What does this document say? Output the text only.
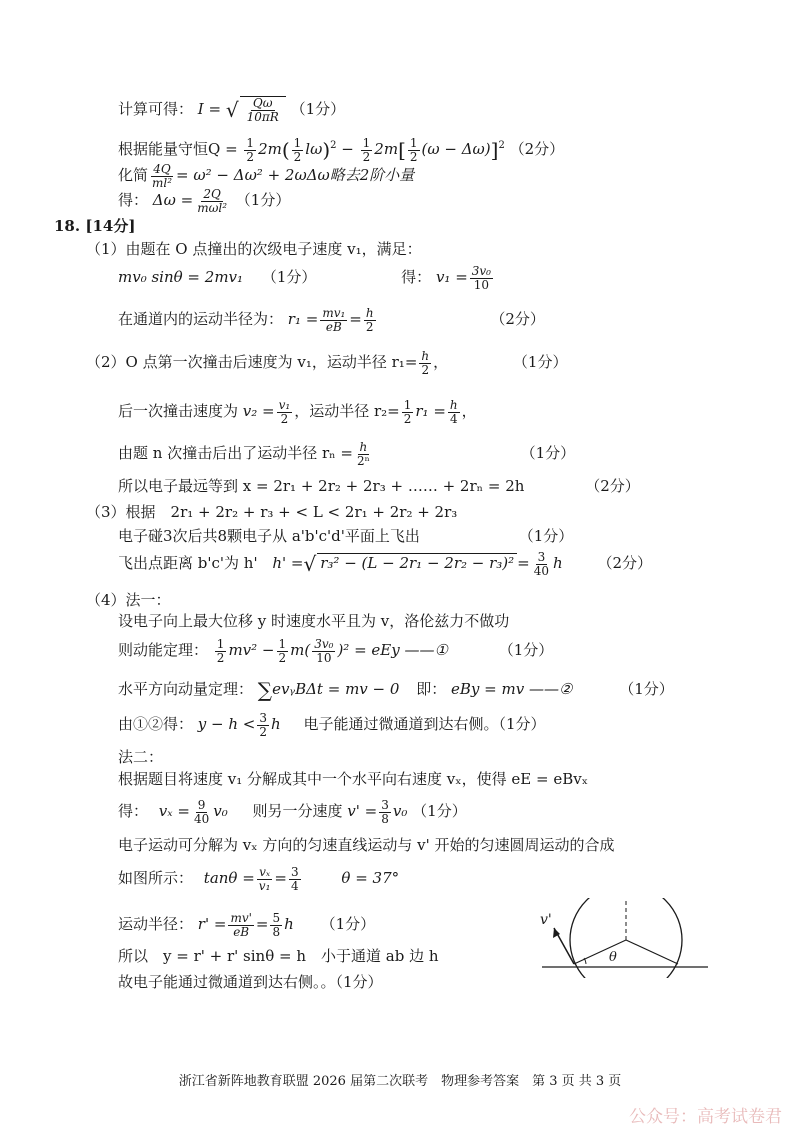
计算可得： I = √ $\frac{Q\omega}{10\pi R} (1$分）
根据能量守恒$Q = \frac{1}{2} 2m( \frac{1}{2} l\omega)^2 - \frac{1}{2} 2m[ \frac{1}{2} (\omega - \Delta\omega)]^2$ （2分）
化简 $\frac{4Q}{\text{ml²}} = \omega^2 - \Delta\omega^2 + 2\omega\Delta\omega$略去2阶小量
得： $\Delta\omega = \frac{2Q}{\text{mωl²}} (1$分）
18. [14分]
（1）由题在 O 点撞出的次级电子速度 v₁，满足：
mv₀ sinθ = 2mv₁ （1分）	得： $v_1 = \frac{\text{3v₀}}{10}$
在通道内的运动半径为： $r_1 = \frac{\text{mv₁}}{eB} = \frac{h}{2}$	（2分）
（2）O 点第一次撞击后速度为 v₁，运动半径 $r_1= \frac{h}{2}$ ，	（1分）
后一次撞击速度为 $v_2 = \frac{\text{v₁}}{2}$ ，运动半径 $r_2= \frac{1}{2} r_1 = \frac{h}{4}$ ，
由题 n 次撞击后出了运动半径 $r_n = \frac{h}{\text{2ⁿ}}$	（1分）
所以电子最远等到 x = 2r₁ + 2r₂ + 2r₃ + …… + 2rₙ = 2h	（2分）
（3）根据　2r₁ + 2r₂ + r₃ + < L < 2r₁ + 2r₂ + 2r₃
电子碰3次后共8颗电子从 a'b'c'd'平面上飞出	（1分）
飞出点距离 b'c'为 h' h' =√ $r_3^2 - (L - 2r_1 - 2r_2 - r_3)^2 = \frac{3}{40}$ h （2分）
（4）法一：
设电子向上最大位移 y 时速度水平且为 v，洛伦兹力不做功
则动能定理： $\frac{1}{2} mv^2 - \frac{1}{2} m( \frac{\text{3v₀}}{10} )^2$ = eEy ——①	（1分）
水平方向动量定理： ∑evᵧBΔt = mv − 0 即： eBy = mv ——②	（1分）
由①②得： $y - h < \frac{3}{2}$ h 电子能通过微通道到达右侧。（1分）
法二：
根据题目将速度 v₁ 分解成其中一个水平向右速度 vₓ，使得 eE = eBvₓ
得： $v_x = \frac{9}{40} v_0$ 则另一分速度 $v' = \frac{3}{8} v_0$ （1分）
电子运动可分解为 vₓ 方向的匀速直线运动与 v' 开始的匀速圆周运动的合成
如图所示： $\tan\theta = \frac{\text{vₓ}}{\text{v₁}} = \frac{3}{4}$	θ = 37°
运动半径： $r' = \frac{mv'}{eB} = \frac{5}{8}$ h （1分）
所以　y = r' + r' sinθ = h　小于通道 ab 边 h
故电子能通过微通道到达右侧。。（1分）
v'
θ
浙江省新阵地教育联盟 2026 届第二次联考　物理参考答案　第 3 页 共 3 页
公众号：高考试卷君
